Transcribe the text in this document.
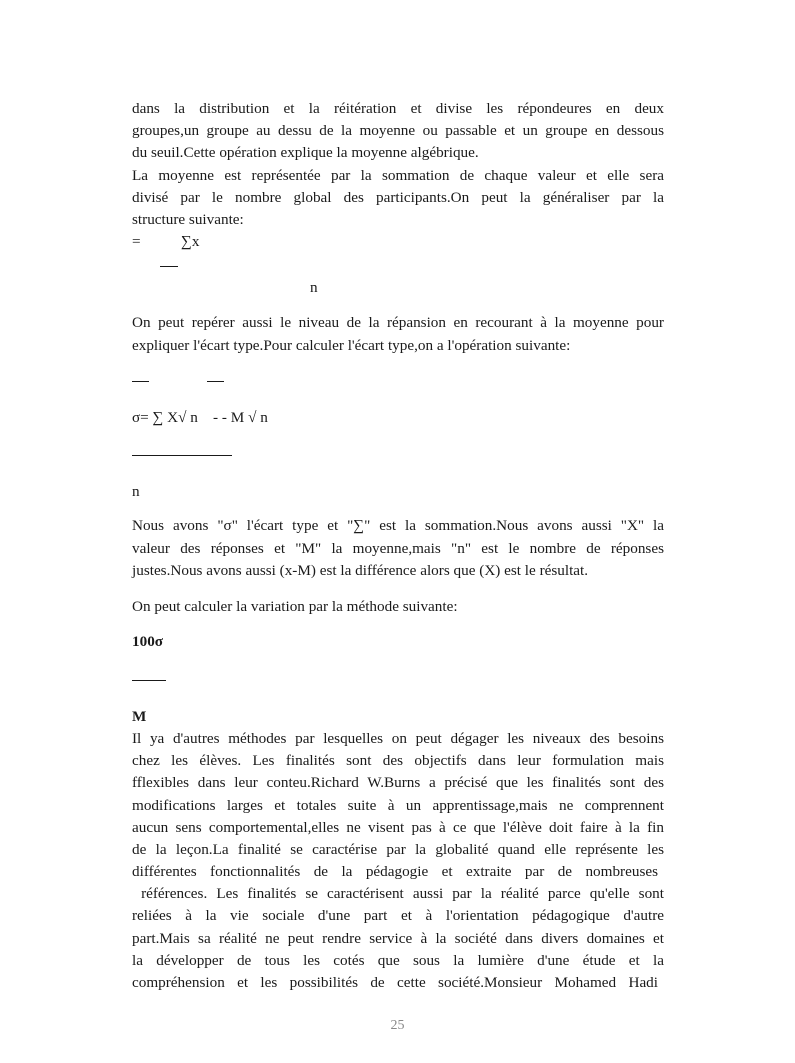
dans la distribution et la réitération et divise les répondeures en deux
groupes,un groupe au dessu de la moyenne ou passable et un groupe en dessous
du seuil.Cette opération explique la moyenne algébrique.
La moyenne est représentée par la sommation de chaque valeur et elle sera
divisé par le nombre global des participants.On peut la généraliser par la
structure suivante:
=	∑x
n
On peut repérer aussi le niveau de la répansion en recourant à la moyenne pour
expliquer l'écart type.Pour calculer l'écart type,on a l'opération suivante:
σ= ∑ X√ n    - - M √ n
n
Nous avons "σ" l'écart type et "∑" est la sommation.Nous avons aussi "X" la
valeur des réponses et "M" la moyenne,mais "n" est le nombre de réponses
justes.Nous avons aussi (x-M) est la différence alors que (X) est le résultat.
On peut calculer la variation par la méthode suivante:
100σ
M
Il ya d'autres méthodes par lesquelles on peut dégager les niveaux des besoins
chez les élèves. Les finalités sont des objectifs dans leur formulation mais
fflexibles dans leur conteu.Richard W.Burns a précisé que les finalités sont des
modifications larges et totales suite à un apprentissage,mais ne comprennent
aucun sens comportemental,elles ne visent pas à ce que l'élève doit faire à la fin
de la leçon.La finalité se caractérise par la globalité quand elle représente les
différentes fonctionnalités de la pédagogie et extraite par de nombreuses
références. Les finalités se caractérisent aussi par la réalité parce qu'elle sont
reliées à la vie sociale d'une part et à l'orientation pédagogique d'autre
part.Mais sa réalité ne peut rendre service à la société dans divers domaines et
la développer de tous les cotés que sous la lumière d'une étude et la
compréhension et les possibilités de cette société.Monsieur Mohamed Hadi
25
